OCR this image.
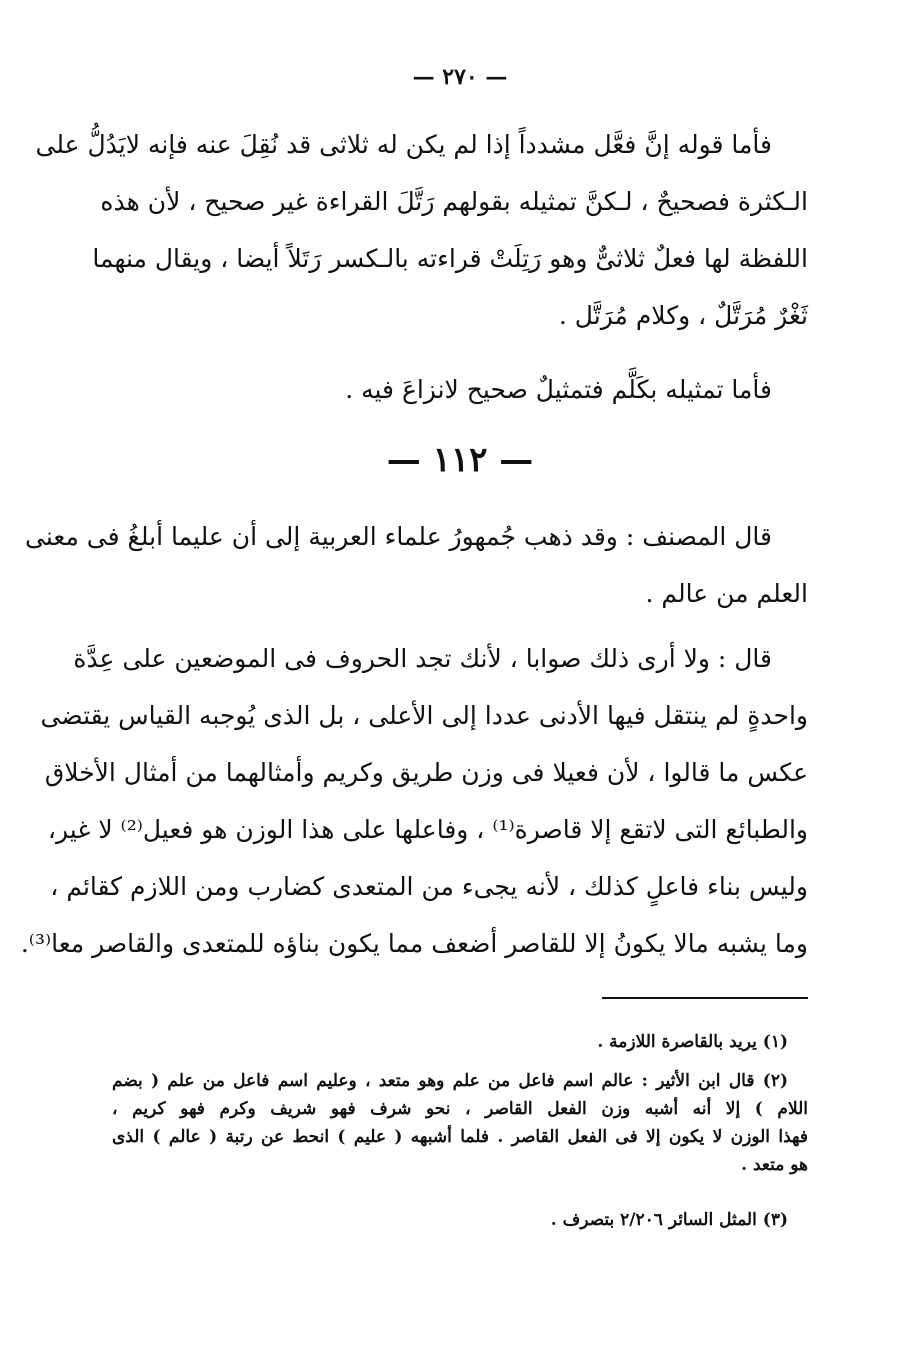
— ٢٧٠ —
فأما قوله إنَّ فعَّل مشدداً إذا لم يكن له ثلاثى قد نُقِلَ عنه فإنه لايَدُلُّ على
الـكثرة فصحيحٌ ، لـكنَّ تمثيله بقولهم رَتَّلَ القراءة غير صحيح ، لأن هذه
اللفظة لها فعلٌ ثلاثىٌّ وهو رَتِلَتْ قراءته بالـكسر رَتَلاً أيضا ، ويقال منهما
ثَغْرٌ مُرَتَّلٌ ، وكلام مُرَتَّل .
فأما تمثيله بكَلَّم فتمثيلٌ صحيح لانزاعَ فيه .
— ١١٢ —
قال المصنف : وقد ذهب جُمهورُ علماء العربية إلى أن عليما أبلغُ فى معنى
العلم من عالم .
قال : ولا أرى ذلك صوابا ، لأنك تجد الحروف فى الموضعين على عِدَّة
واحدةٍ لم ينتقل فيها الأدنى عددا إلى الأعلى ، بل الذى يُوجبه القياس يقتضى
عكس ما قالوا ، لأن فعيلا فى وزن طريق وكريم وأمثالهما من أمثال الأخلاق
والطبائع التى لاتقع إلا قاصرة⁽¹⁾ ، وفاعلها على هذا الوزن هو فعيل⁽²⁾ لا غير،
وليس بناء فاعلٍ كذلك ، لأنه يجىء من المتعدى كضارب ومن اللازم كقائم ،
وما يشبه مالا يكونُ إلا للقاصر أضعف مما يكون بناؤه للمتعدى والقاصر معا⁽³⁾.
(١) يريد بالقاصرة اللازمة .
(٢) قال ابن الأثير : عالم اسم فاعل من علم وهو متعد ، وعليم اسم فاعل من علم ( بضم
اللام ) إلا أنه أشبه وزن الفعل القاصر ، نحو شرف فهو شريف وكرم فهو كريم ،
فهذا الوزن لا يكون إلا فى الفعل القاصر . فلما أشبهه ( عليم ) انحط عن رتبة ( عالم ) الذى
هو متعد .
(٣) المثل السائر ٢/٢٠٦ بتصرف .
